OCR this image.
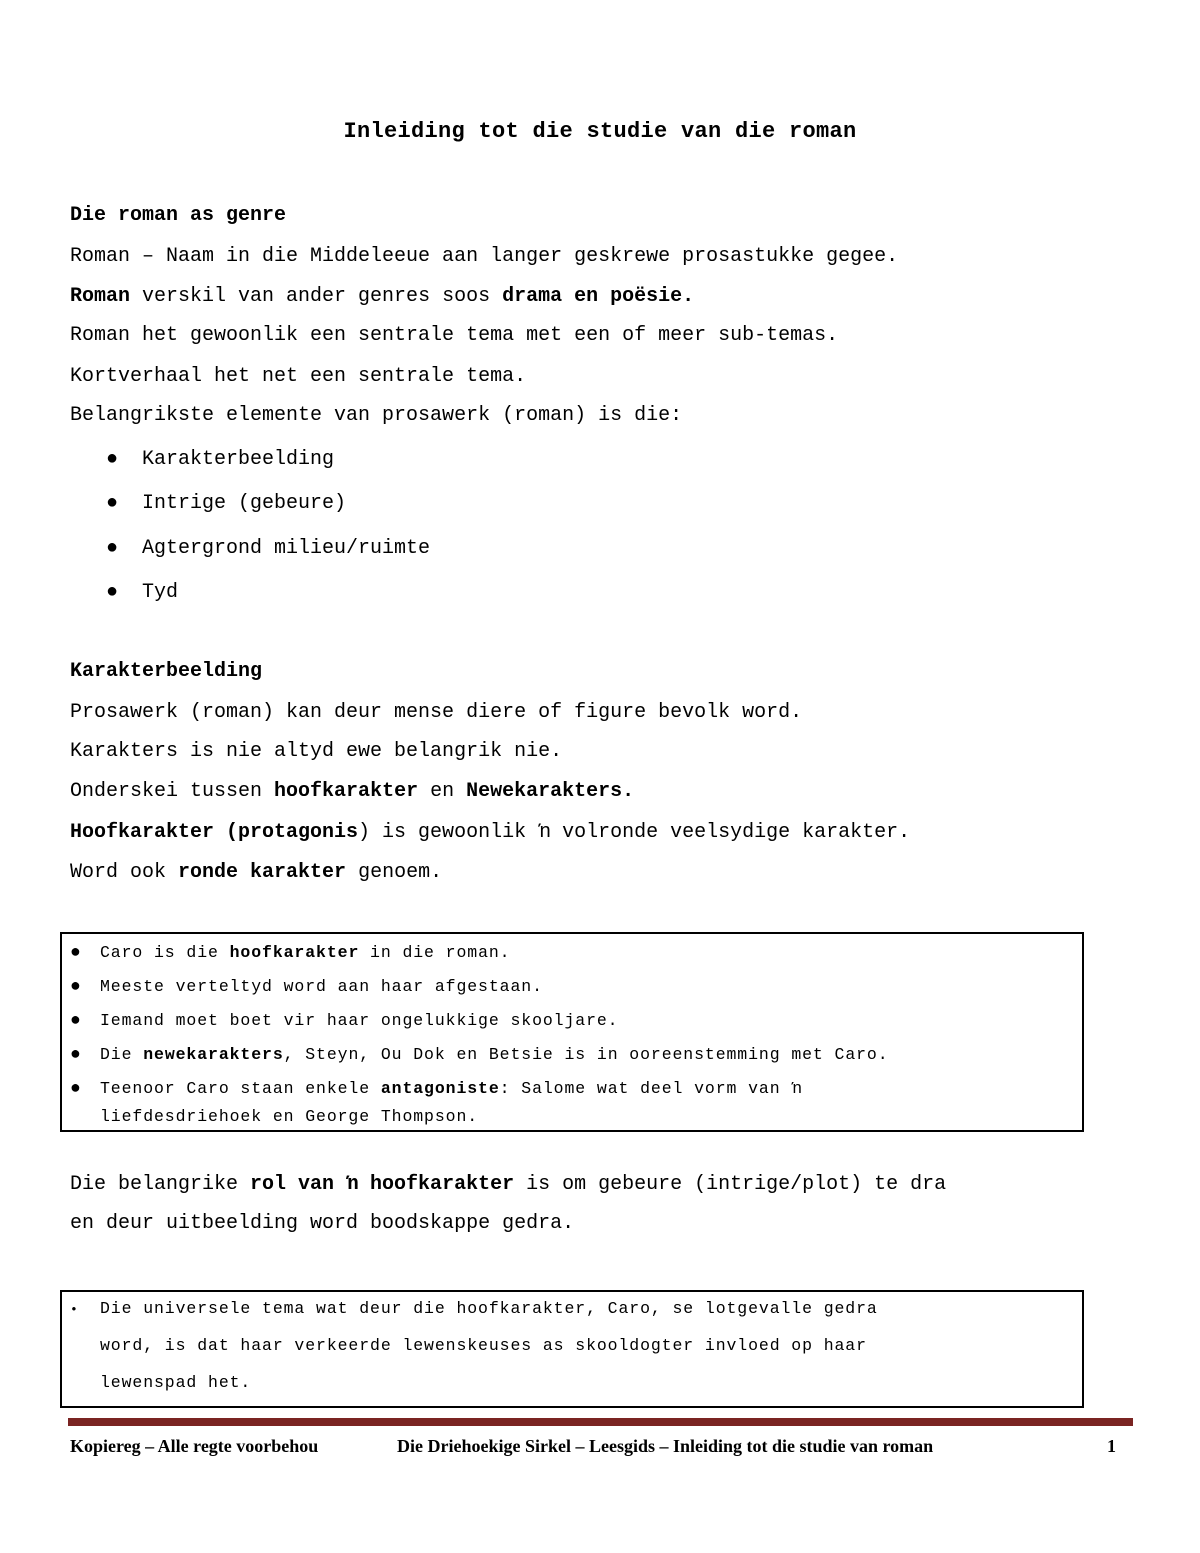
Inleiding tot die studie van die roman
Die roman as genre
Roman – Naam in die Middeleeue aan langer geskrewe prosastukke gegee.
Roman verskil van ander genres soos drama en poësie.
Roman het gewoonlik een sentrale tema met een of meer sub-temas.
Kortverhaal het net een sentrale tema.
Belangrikste elemente van prosawerk (roman) is die:
● Karakterbeelding
● Intrige (gebeure)
● Agtergrond milieu/ruimte
● Tyd
Karakterbeelding
Prosawerk (roman) kan deur mense diere of figure bevolk word.
Karakters is nie altyd ewe belangrik nie.
Onderskei tussen hoofkarakter en Newekarakters.
Hoofkarakter (protagonis) is gewoonlik ŉ volronde veelsydige karakter.
Word ook ronde karakter genoem.
● Caro is die hoofkarakter in die roman.
● Meeste verteltyd word aan haar afgestaan.
● Iemand moet boet vir haar ongelukkige skooljare.
● Die newekarakters, Steyn, Ou Dok en Betsie is in ooreenstemming met Caro.
● Teenoor Caro staan enkele antagoniste: Salome wat deel vorm van ŉ
liefdesdriehoek en George Thompson.
Die belangrike rol van ŉ hoofkarakter is om gebeure (intrige/plot) te dra
en deur uitbeelding word boodskappe gedra.
• Die universele tema wat deur die hoofkarakter, Caro, se lotgevalle gedra
word, is dat haar verkeerde lewenskeuses as skooldogter invloed op haar
lewenspad het.
Kopiereg – Alle regte voorbehou	Die Driehoekige Sirkel – Leesgids – Inleiding tot die studie van roman	1
